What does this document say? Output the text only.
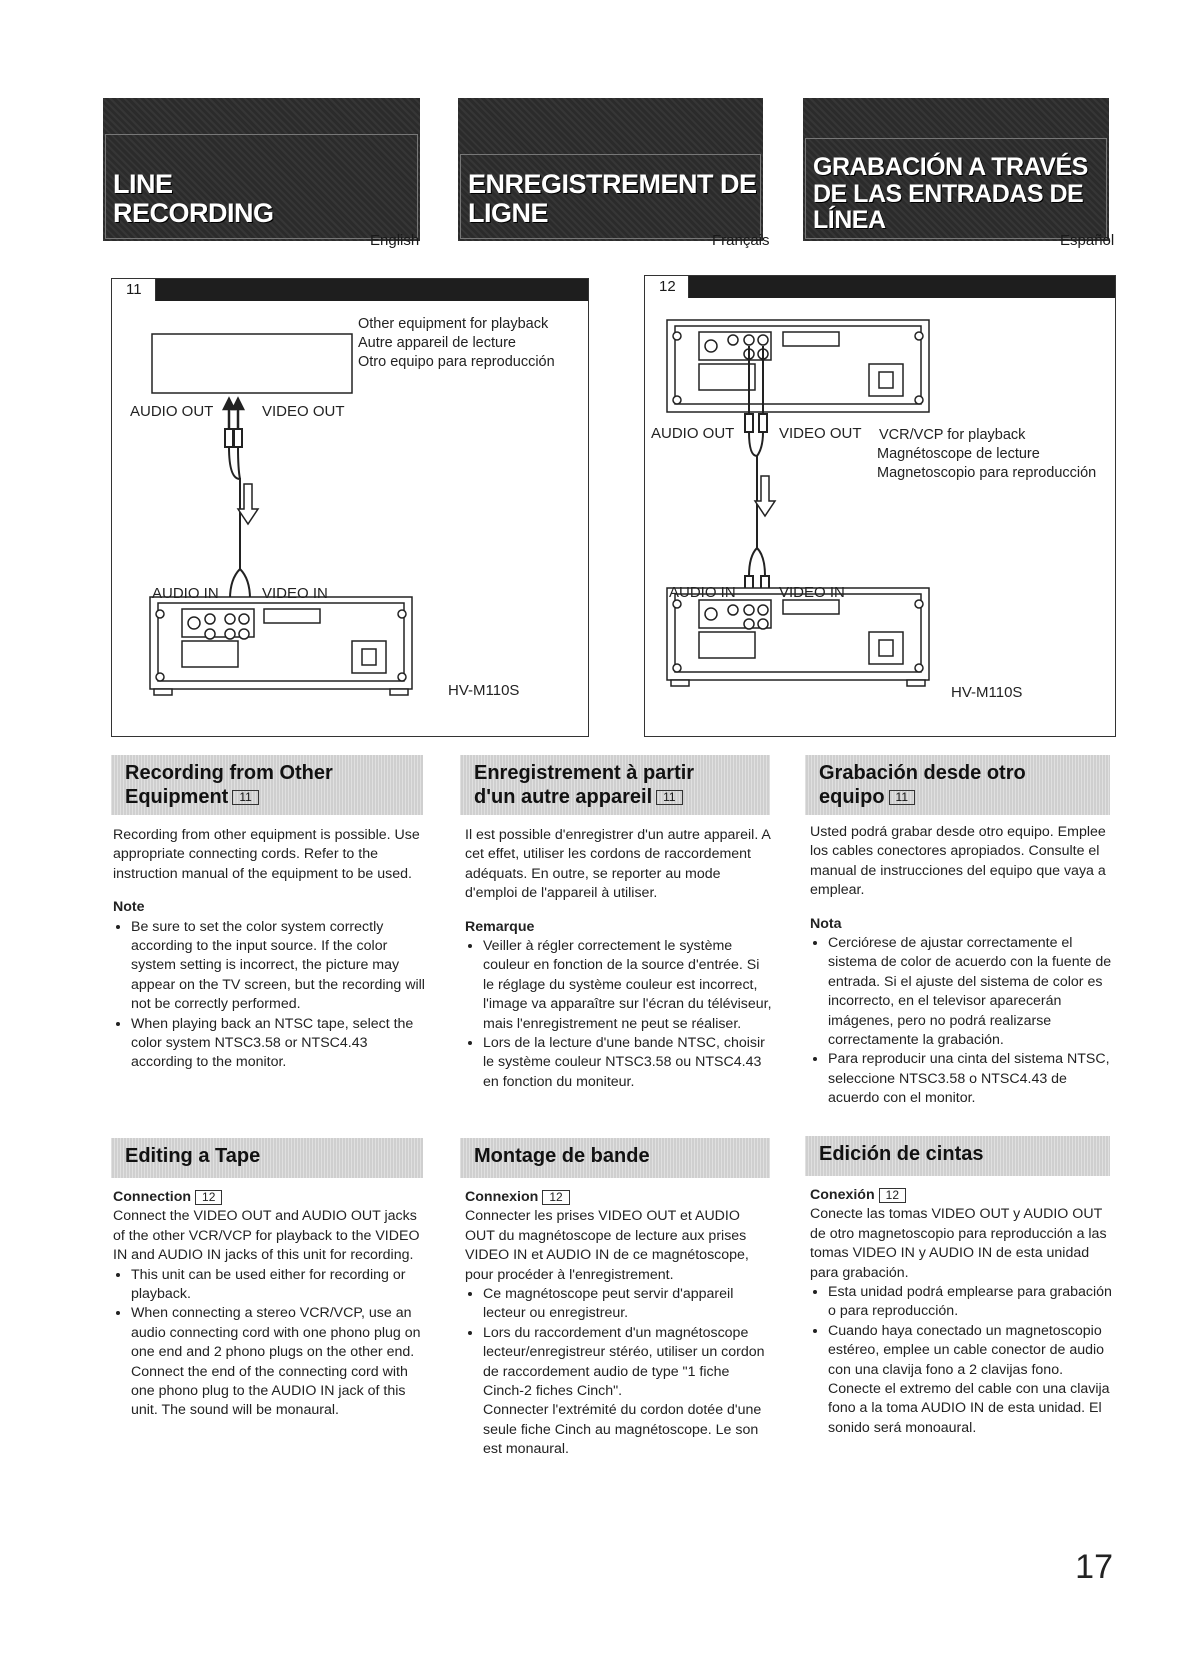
LINE RECORDING
ENREGISTREMENT DE LIGNE
GRABACIÓN A TRAVÉS DE LAS ENTRADAS DE LÍNEA
English	Français	Español
11
Other equipment for playback
Autre appareil de lecture
Otro equipo para reproducción
AUDIO OUT	VIDEO OUT
AUDIO IN	VIDEO IN
HV-M110S
12
AUDIO OUT	VIDEO OUT VCR/VCP for playback
Magnétoscope de lecture
Magnetoscopio para reproducción
AUDIO IN	VIDEO IN
HV-M110S
Recording from Other
Equipment 11
Enregistrement à partir
d'un autre appareil 11
Grabación desde otro
equipo 11

Recording from other equipment is possible. Use appropriate connecting cords. Refer to the instruction manual of the equipment to be used.

Note

• Be sure to set the color system correctly according to the input source. If the color system setting is incorrect, the picture may appear on the TV screen, but the recording will not be correctly performed.
• When playing back an NTSC tape, select the color system NTSC3.58 or NTSC4.43 according to the monitor.

Il est possible d'enregistrer d'un autre appareil. A cet effet, utiliser les cordons de raccordement adéquats. En outre, se reporter au mode d'emploi de l'appareil à utiliser.

Remarque

• Veiller à régler correctement le système couleur en fonction de la source d'entrée. Si le réglage du système couleur est incorrect, l'image va apparaître sur l'écran du téléviseur, mais l'enregistrement ne peut se réaliser.
• Lors de la lecture d'une bande NTSC, choisir le système couleur NTSC3.58 ou NTSC4.43 en fonction du moniteur.

Usted podrá grabar desde otro equipo. Emplee los cables conectores apropiados. Consulte el manual de instrucciones del equipo que vaya a emplear.

Nota

• Cerciórese de ajustar correctamente el sistema de color de acuerdo con la fuente de entrada. Si el ajuste del sistema de color es incorrecto, en el televisor aparecerán imágenes, pero no podrá realizarse correctamente la grabación.
• Para reproducir una cinta del sistema NTSC, seleccione NTSC3.58 o NTSC4.43 de acuerdo con el monitor.
Editing a Tape	Montage de bande	Edición de cintas

Connection 12

Connect the VIDEO OUT and AUDIO OUT jacks of the other VCR/VCP for playback to the VIDEO IN and AUDIO IN jacks of this unit for recording.

• This unit can be used either for recording or playback.
• When connecting a stereo VCR/VCP, use an audio connecting cord with one phono plug on one end and 2 phono plugs on the other end.

Connect the end of the connecting cord with one phono plug to the AUDIO IN jack of this unit. The sound will be monaural.

Connexion 12

Connecter les prises VIDEO OUT et AUDIO OUT du magnétoscope de lecture aux prises VIDEO IN et AUDIO IN de ce magnétoscope, pour procéder à l'enregistrement.

• Ce magnétoscope peut servir d'appareil lecteur ou enregistreur.
• Lors du raccordement d'un magnétoscope lecteur/enregistreur stéréo, utiliser un cordon de raccordement audio de type "1 fiche Cinch-2 fiches Cinch".

Connecter l'extrémité du cordon dotée d'une seule fiche Cinch au magnétoscope. Le son est monaural.

Conexión 12

Conecte las tomas VIDEO OUT y AUDIO OUT de otro magnetoscopio para reproducción a las tomas VIDEO IN y AUDIO IN de esta unidad para grabación.

• Esta unidad podrá emplearse para grabación o para reproducción.
• Cuando haya conectado un magnetoscopio estéreo, emplee un cable conector de audio con una clavija fono a 2 clavijas fono. Conecte el extremo del cable con una clavija fono a la toma AUDIO IN de esta unidad. El sonido será monoaural.
17
